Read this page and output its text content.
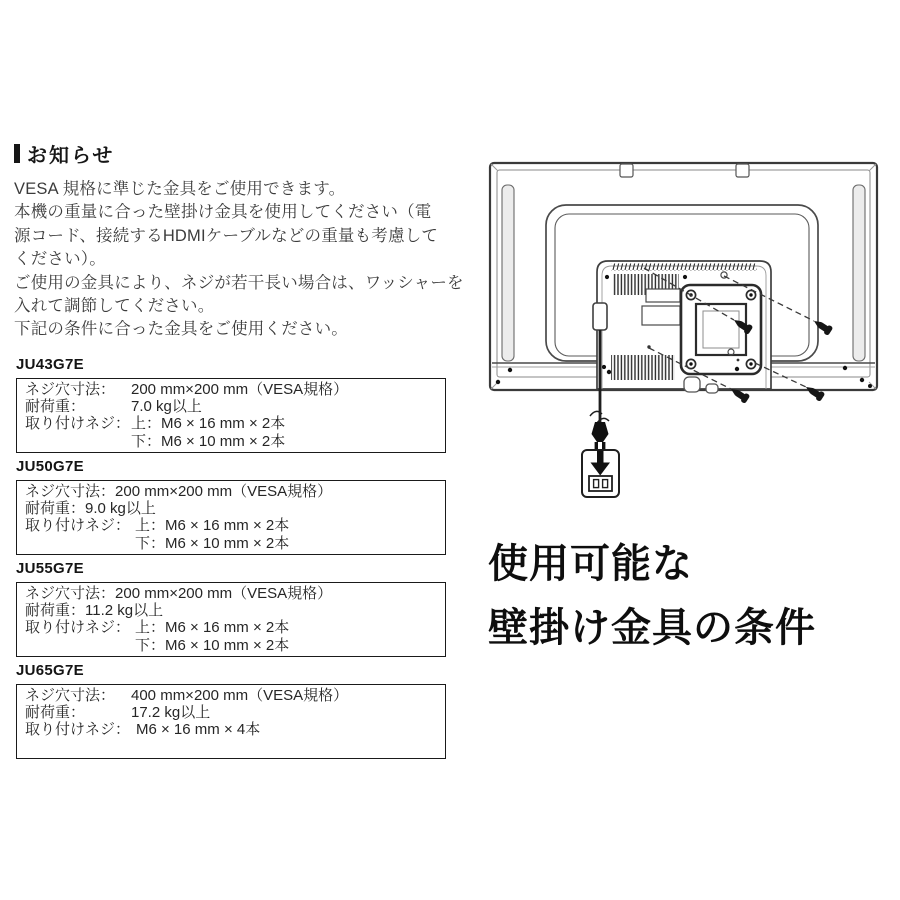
お知らせ
VESA 規格に準じた金具をご使用できます。
本機の重量に合った壁掛け金具を使用してください（電
源コード、接続するHDMIケーブルなどの重量も考慮して
ください）。
ご使用の金具により、ネジが若干長い場合は、ワッシャーを
入れて調節してください。
下記の条件に合った金具をご使用ください。
JU43G7E
ネジ穴寸法：	200 mm×200 mm（VESA規格）
耐荷重：	7.0 kg以上
取り付けネジ： 上：M6 × 16 mm × 2本
下：M6 × 10 mm × 2本
JU50G7E
ネジ穴寸法： 200 mm×200 mm（VESA規格）
耐荷重： 9.0 kg以上
取り付けネジ： 上：M6 × 16 mm × 2本
下：M6 × 10 mm × 2本
JU55G7E
ネジ穴寸法： 200 mm×200 mm（VESA規格）
耐荷重： 11.2 kg以上
取り付けネジ： 上：M6 × 16 mm × 2本
下：M6 × 10 mm × 2本
JU65G7E
ネジ穴寸法：	400 mm×200 mm（VESA規格）
耐荷重：	17.2 kg以上
取り付けネジ： M6 × 16 mm × 4本
使用可能な
壁掛け金具の条件
